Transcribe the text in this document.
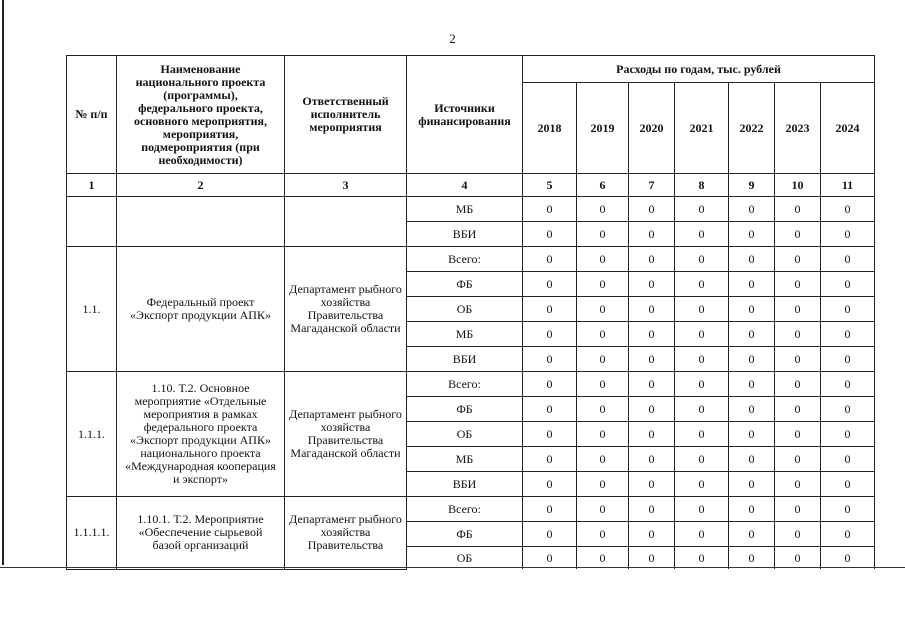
2
№ п/п	Наименование национального проекта (программы), федерального проекта, основного мероприятия, мероприятия, подмероприятия (при необходимости)	Ответственный исполнитель мероприятия	Источники финансирования	Расходы по годам, тыс. рублей						
				2018	2019	2020	2021	2022	2023	2024
1	2	3	4	5	6	7	8	9	10	11
			МБ	0	0	0	0	0	0	0
			ВБИ	0	0	0	0	0	0	0
1.1.	Федеральный проект «Экспорт продукции АПК»	Департамент рыбного хозяйства Правительства Магаданской области	Всего:	0	0	0	0	0	0	0
			ФБ	0	0	0	0	0	0	0
			ОБ	0	0	0	0	0	0	0
			МБ	0	0	0	0	0	0	0
			ВБИ	0	0	0	0	0	0	0
1.1.1.	1.10. Т.2. Основное мероприятие «Отдельные мероприятия в рамках федерального проекта «Экспорт продукции АПК» национального проекта «Международная кооперация и экспорт»	Департамент рыбного хозяйства Правительства Магаданской области	Всего:	0	0	0	0	0	0	0
			ФБ	0	0	0	0	0	0	0
			ОБ	0	0	0	0	0	0	0
			МБ	0	0	0	0	0	0	0
			ВБИ	0	0	0	0	0	0	0
1.1.1.1.	1.10.1. Т.2. Мероприятие «Обеспечение сырьевой базой организаций	Департамент рыбного хозяйства Правительства	Всего:	0	0	0	0	0	0	0
			ФБ	0	0	0	0	0	0	0
			ОБ	0	0	0	0	0	0	0
